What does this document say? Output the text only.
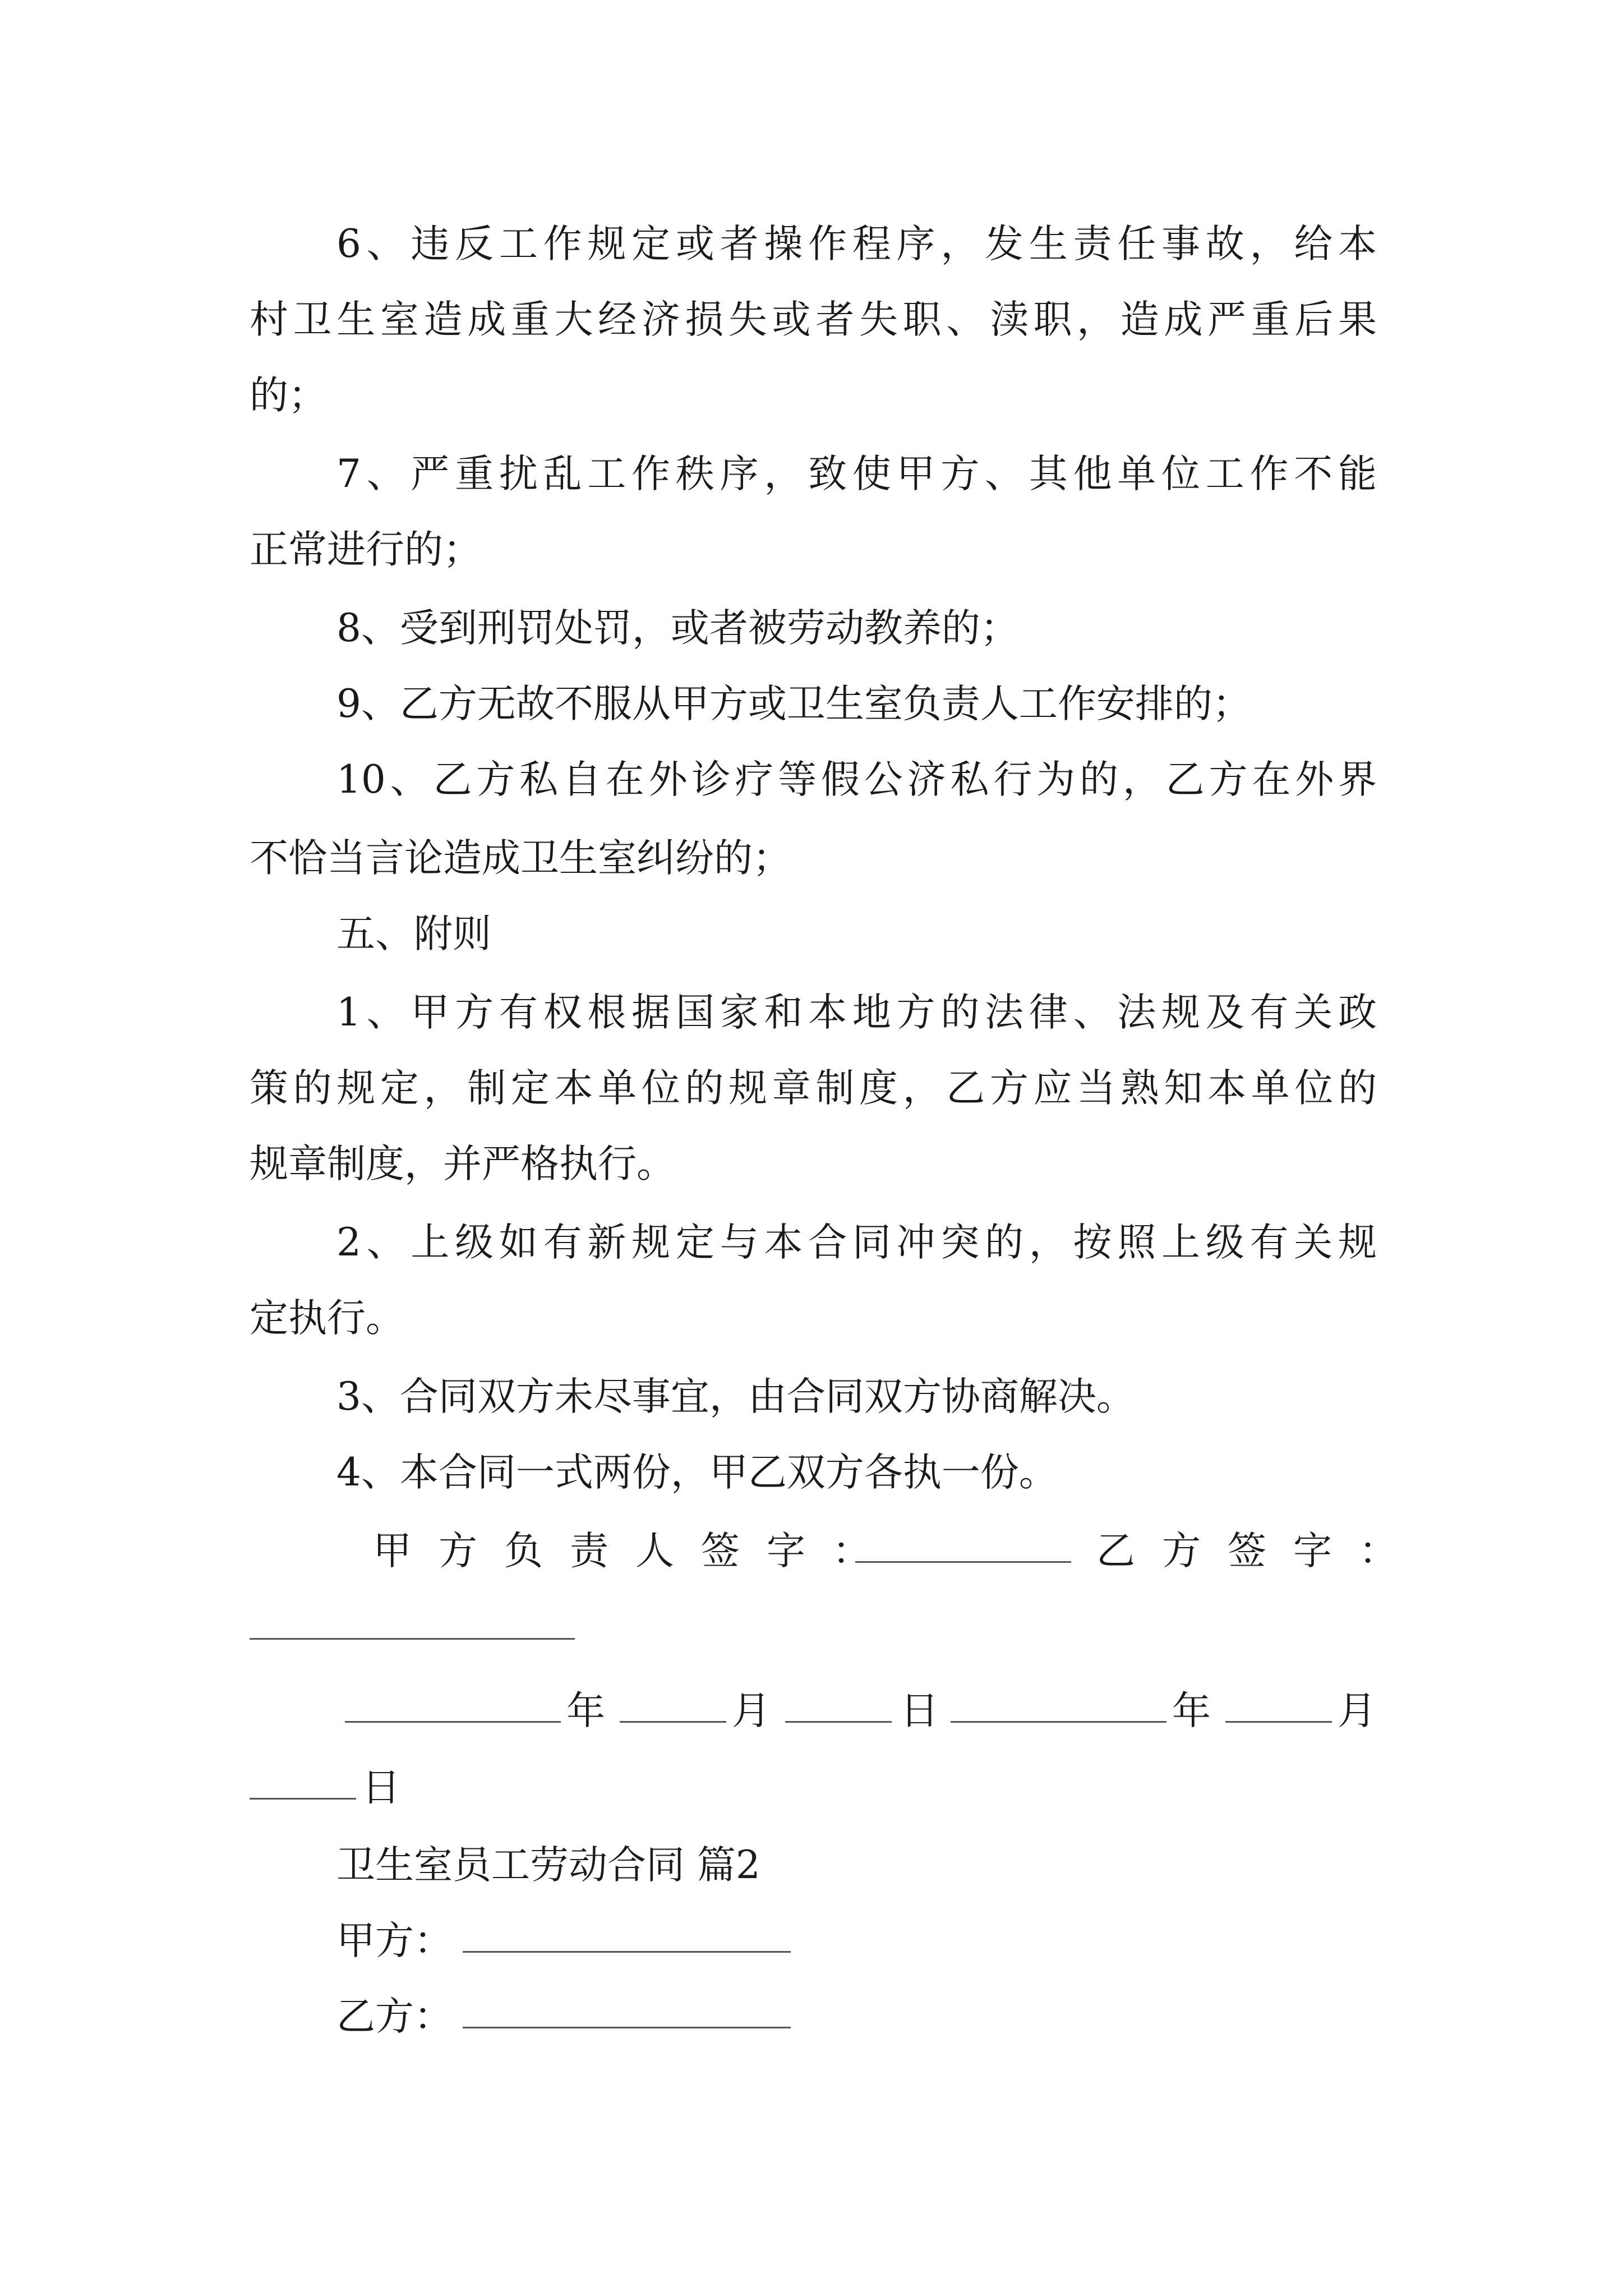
6、违反工作规定或者操作程序，发生责任事故，给本
村卫生室造成重大经济损失或者失职、渎职，造成严重后果
的；
7、严重扰乱工作秩序，致使甲方、其他单位工作不能
正常进行的；
8、受到刑罚处罚，或者被劳动教养的；
9、乙方无故不服从甲方或卫生室负责人工作安排的；
10、乙方私自在外诊疗等假公济私行为的，乙方在外界
不恰当言论造成卫生室纠纷的；
五、附则
1、甲方有权根据国家和本地方的法律、法规及有关政
策的规定，制定本单位的规章制度，乙方应当熟知本单位的
规章制度，并严格执行。
2、上级如有新规定与本合同冲突的，按照上级有关规
定执行。
3、合同双方未尽事宜，由合同双方协商解决。
4、本合同一式两份，甲乙双方各执一份。
甲方负责人签字：	乙方签字：
年	月	日	年	月
日
卫生室员工劳动合同 篇2
甲方：
乙方：
